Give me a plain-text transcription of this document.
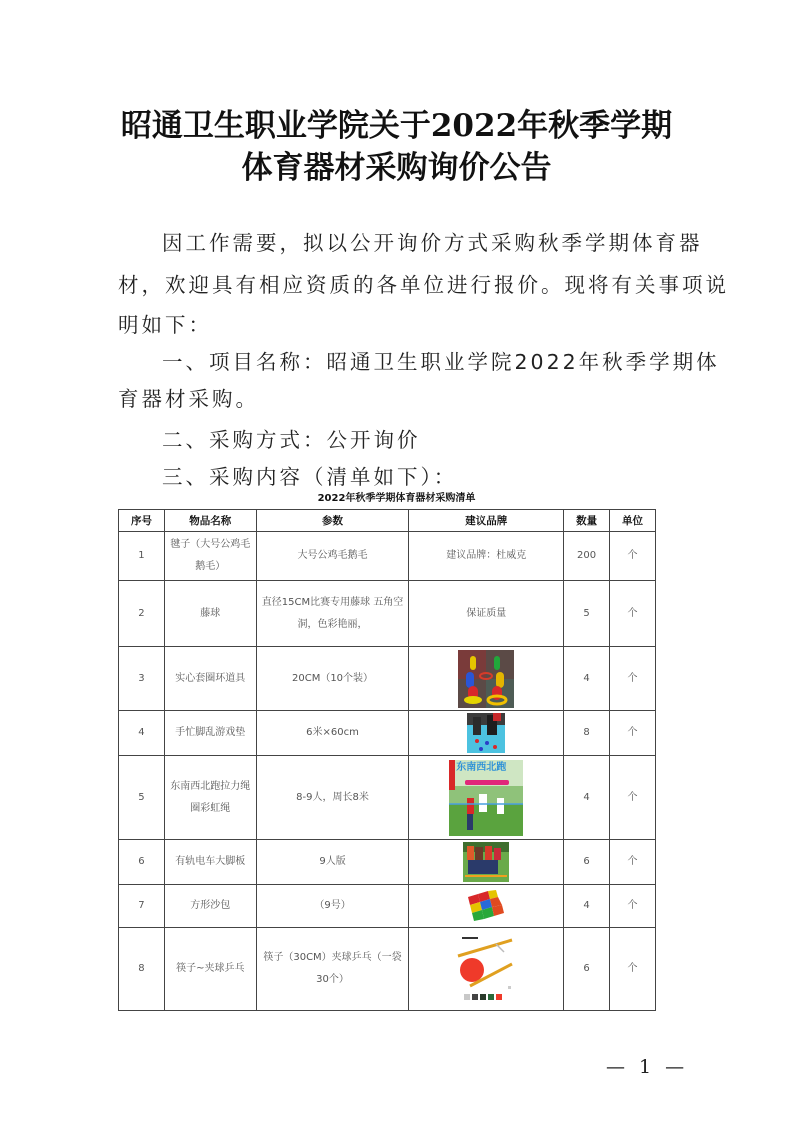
昭通卫生职业学院关于2022年秋季学期
体育器材采购询价公告
因工作需要，拟以公开询价方式采购秋季学期体育器
材，欢迎具有相应资质的各单位进行报价。现将有关事项说
明如下：
一、项目名称：昭通卫生职业学院2022年秋季学期体
育器材采购。
二、采购方式：公开询价
三、采购内容（清单如下）：
2022年秋季学期体育器材采购清单
序号	物品名称	参数	建议品牌	数量	单位
1	毽子（大号公鸡毛鹅毛）	大号公鸡毛鹅毛	建议品牌：杜威克	200	个
2	藤球	直径15CM比赛专用藤球 五角空洞，色彩艳丽，	保证质量	5	个
3	实心套圈环道具	20CM（10个装）		4	个
4	手忙脚乱游戏垫	6米×60cm		8	个
5	东南西北跑拉力绳圈彩虹绳	8-9人，周长8米	东南西北跑	4	个
6	有轨电车大脚板	9人版		6	个
7	方形沙包	（9号）		4	个
8	筷子~夹球乒乓	筷子（30CM）夹球乒乓（一袋30个）		6	个
— 1 —
